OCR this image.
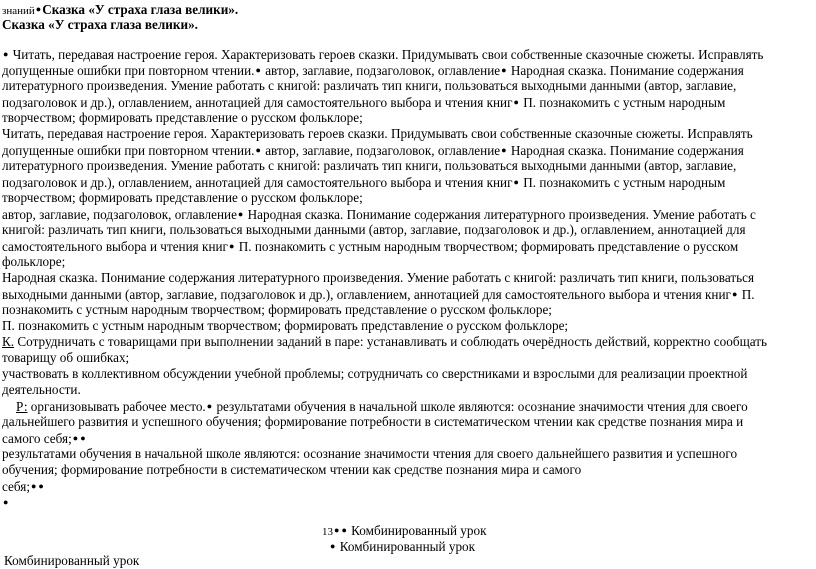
знаний● Сказка «У страха глаза велики».
Сказка «У страха глаза велики».
● Читать, передавая настроение героя. Характеризовать героев сказки. Придумывать свои собственные сказочные сюжеты. Исправлять
допущенные ошибки при повторном чтении.● автор, заглавие, подзаголовок, оглавление● Народная сказка. Понимание содержания
литературного произведения. Умение работать с книгой: различать тип книги, пользоваться выходными данными (автор, заглавие,
подзаголовок и др.), оглавлением, аннотацией для самостоятельного выбора и чтения книг● П. познакомить с устным народным
творчеством; формировать представление о русском фольклоре;
Читать, передавая настроение героя. Характеризовать героев сказки. Придумывать свои собственные сказочные сюжеты. Исправлять
допущенные ошибки при повторном чтении.● автор, заглавие, подзаголовок, оглавление● Народная сказка. Понимание содержания
литературного произведения. Умение работать с книгой: различать тип книги, пользоваться выходными данными (автор, заглавие,
подзаголовок и др.), оглавлением, аннотацией для самостоятельного выбора и чтения книг● П. познакомить с устным народным
творчеством; формировать представление о русском фольклоре;
автор, заглавие, подзаголовок, оглавление● Народная сказка. Понимание содержания литературного произведения. Умение работать с
книгой: различать тип книги, пользоваться выходными данными (автор, заглавие, подзаголовок и др.), оглавлением, аннотацией для
самостоятельного выбора и чтения книг● П. познакомить с устным народным творчеством; формировать представление о русском
фольклоре;
Народная сказка. Понимание содержания литературного произведения. Умение работать с книгой: различать тип книги, пользоваться
выходными данными (автор, заглавие, подзаголовок и др.), оглавлением, аннотацией для самостоятельного выбора и чтения книг● П.
познакомить с устным народным творчеством; формировать представление о русском фольклоре;
П. познакомить с устным народным творчеством; формировать представление о русском фольклоре;
К. Сотрудничать с товарищами при выполнении заданий в паре: устанавливать и соблюдать очерёдность действий, корректно сообщать
товарищу об ошибках;
участвовать в коллективном обсуждении учебной проблемы; сотрудничать со сверстниками и взрослыми для реализации проектной
деятельности.
Р: организовывать рабочее место.● результатами обучения в начальной школе являются: осознание значимости чтения для своего
дальнейшего развития и успешного обучения; формирование потребности в систематическом чтении как средстве познания мира и
самого себя;● ●
результатами обучения в начальной школе являются: осознание значимости чтения для своего дальнейшего развития и успешного
обучения; формирование потребности в систематическом чтении как средстве познания мира и самого
себя;● ●
●
13● ● Комбинированный урок
● Комбинированный урок
Комбинированный урок
